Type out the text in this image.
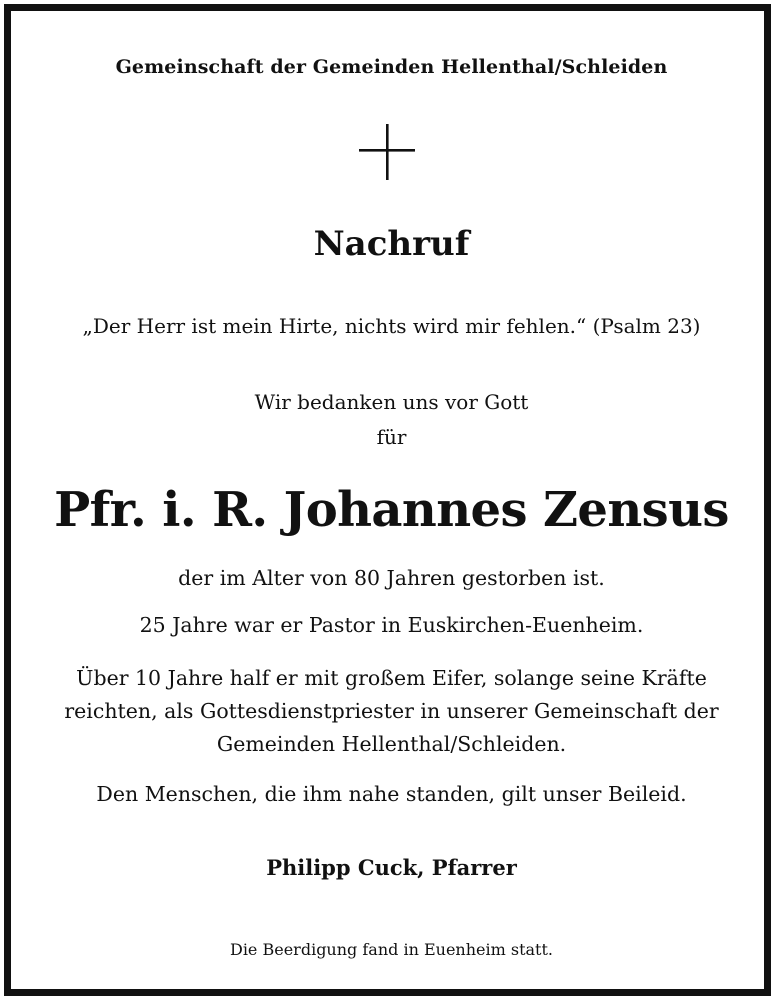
Gemeinschaft der Gemeinden Hellenthal/Schleiden
Nachruf
„Der Herr ist mein Hirte, nichts wird mir fehlen.“ (Psalm 23)
Wir bedanken uns vor Gott
für
Pfr. i. R. Johannes Zensus
der im Alter von 80 Jahren gestorben ist.
25 Jahre war er Pastor in Euskirchen-Euenheim.
Über 10 Jahre half er mit großem Eifer, solange seine Kräfte
reichten, als Gottesdienstpriester in unserer Gemeinschaft der
Gemeinden Hellenthal/Schleiden.
Den Menschen, die ihm nahe standen, gilt unser Beileid.
Philipp Cuck, Pfarrer
Die Beerdigung fand in Euenheim statt.
